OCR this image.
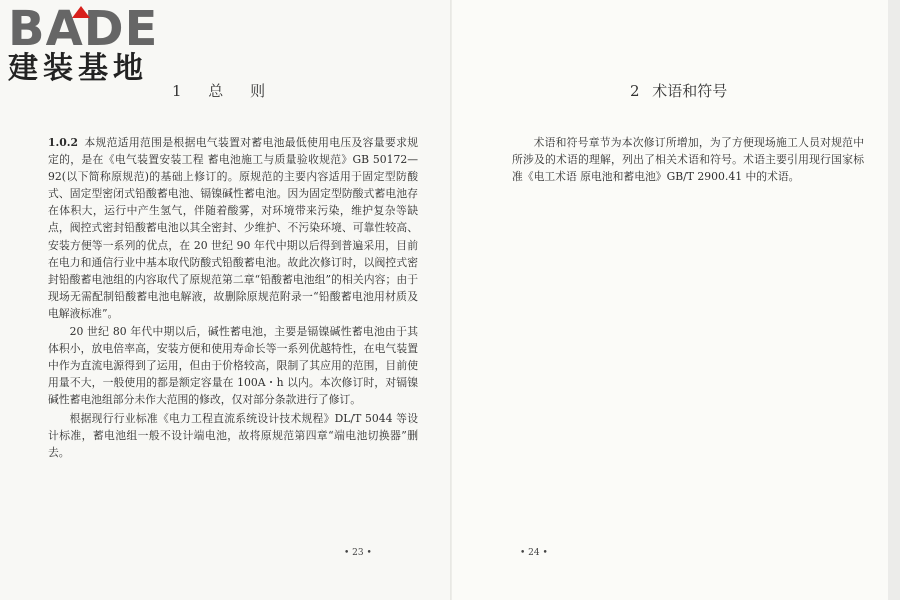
BADE
建装基地
1 总 则

1.0.2 本规范适用范围是根据电气装置对蓄电池最低使用电压及容量要求规定的，是在《电气装置安装工程 蓄电池施工与质量验收规范》GB 50172—92(以下简称原规范)的基础上修订的。原规范的主要内容适用于固定型防酸式、固定型密闭式铅酸蓄电池、镉镍碱性蓄电池。因为固定型防酸式蓄电池存在体积大，运行中产生氢气，伴随着酸雾，对环境带来污染，维护复杂等缺点，阀控式密封铅酸蓄电池以其全密封、少维护、不污染环境、可靠性较高、安装方便等一系列的优点，在 20 世纪 90 年代中期以后得到普遍采用，目前在电力和通信行业中基本取代防酸式铅酸蓄电池。故此次修订时，以阀控式密封铅酸蓄电池组的内容取代了原规范第二章“铅酸蓄电池组”的相关内容；由于现场无需配制铅酸蓄电池电解液，故删除原规范附录一“铅酸蓄电池用材质及电解液标准”。

20 世纪 80 年代中期以后，碱性蓄电池，主要是镉镍碱性蓄电池由于其体积小，放电倍率高，安装方便和使用寿命长等一系列优越特性，在电气装置中作为直流电源得到了运用，但由于价格较高，限制了其应用的范围，目前使用量不大，一般使用的都是额定容量在 100A・h 以内。本次修订时，对镉镍碱性蓄电池组部分未作大范围的修改，仅对部分条款进行了修订。

根据现行行业标准《电力工程直流系统设计技术规程》DL/T 5044 等设计标准，蓄电池组一般不设计端电池，故将原规范第四章“端电池切换器”删去。

• 23 •
2 术语和符号

术语和符号章节为本次修订所增加，为了方便现场施工人员对规范中所涉及的术语的理解，列出了相关术语和符号。术语主要引用现行国家标准《电工术语 原电池和蓄电池》GB/T 2900.41 中的术语。

• 24 •
